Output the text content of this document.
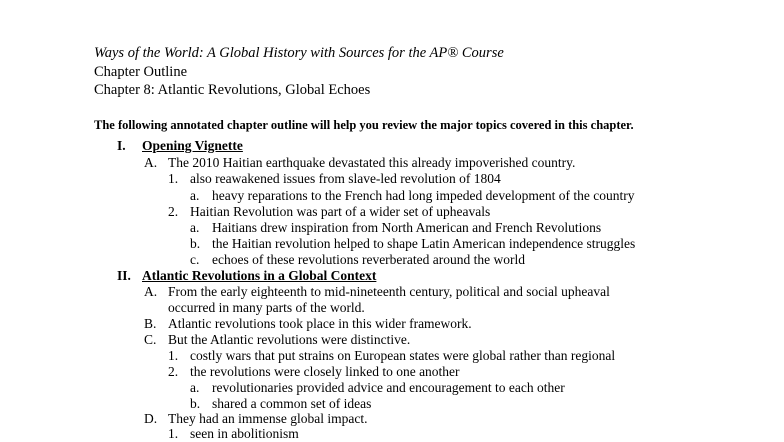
Ways of the World: A Global History with Sources for the AP® Course
Chapter Outline
Chapter 8: Atlantic Revolutions, Global Echoes
The following annotated chapter outline will help you review the major topics covered in this chapter.
I. Opening Vignette
A. The 2010 Haitian earthquake devastated this already impoverished country.
1. also reawakened issues from slave-led revolution of 1804
a. heavy reparations to the French had long impeded development of the country
2. Haitian Revolution was part of a wider set of upheavals
a. Haitians drew inspiration from North American and French Revolutions
b. the Haitian revolution helped to shape Latin American independence struggles
c. echoes of these revolutions reverberated around the world
II. Atlantic Revolutions in a Global Context
A. From the early eighteenth to mid-nineteenth century, political and social upheaval
occurred in many parts of the world.
B. Atlantic revolutions took place in this wider framework.
C. But the Atlantic revolutions were distinctive.
1. costly wars that put strains on European states were global rather than regional
2. the revolutions were closely linked to one another
a. revolutionaries provided advice and encouragement to each other
b. shared a common set of ideas
D. They had an immense global impact.
1. seen in abolitionism
